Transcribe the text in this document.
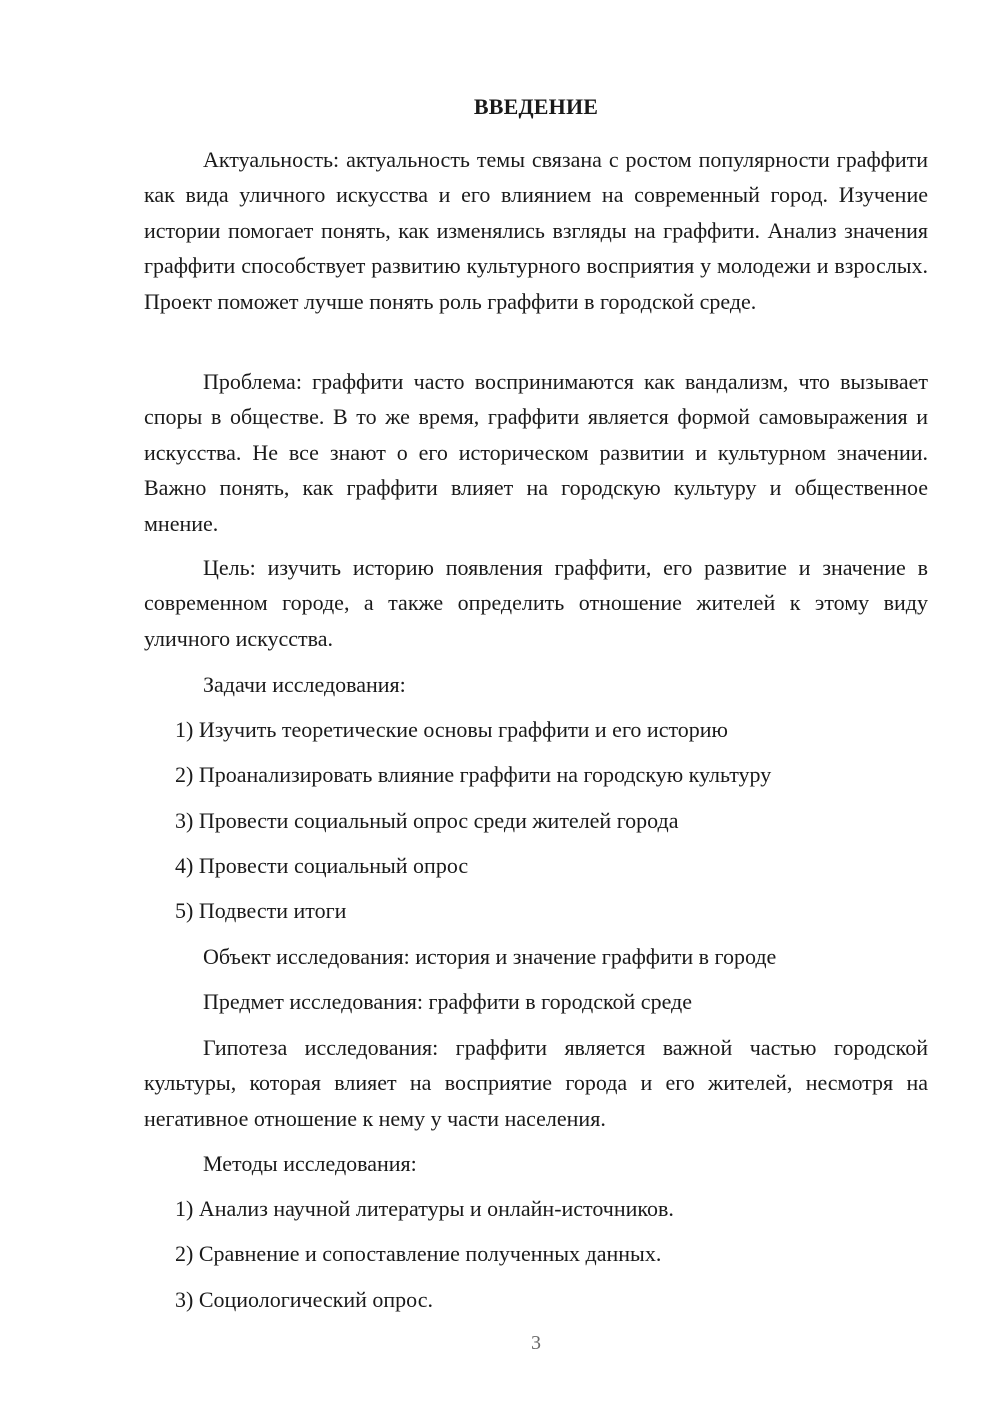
ВВЕДЕНИЕ

Актуальность: актуальность темы связана с ростом популярности граффити как вида уличного искусства и его влиянием на современный город. Изучение истории помогает понять, как изменялись взгляды на граффити. Анализ значения граффити способствует развитию культурного восприятия у молодежи и взрослых. Проект поможет лучше понять роль граффити в городской среде.

Проблема: граффити часто воспринимаются как вандализм, что вызывает споры в обществе. В то же время, граффити является формой самовыражения и искусства. Не все знают о его историческом развитии и культурном значении. Важно понять, как граффити влияет на городскую культуру и общественное мнение.

Цель: изучить историю появления граффити, его развитие и значение в современном городе, а также определить отношение жителей к этому виду уличного искусства.

Задачи исследования:

1) Изучить теоретические основы граффити и его историю

2) Проанализировать влияние граффити на городскую культуру

3) Провести социальный опрос среди жителей города

4) Провести социальный опрос

5) Подвести итоги

Объект исследования: история и значение граффити в городе

Предмет исследования: граффити в городской среде

Гипотеза исследования: граффити является важной частью городской культуры, которая влияет на восприятие города и его жителей, несмотря на негативное отношение к нему у части населения.

Методы исследования:

1) Анализ научной литературы и онлайн-источников.

2) Сравнение и сопоставление полученных данных.

3) Социологический опрос.

3
